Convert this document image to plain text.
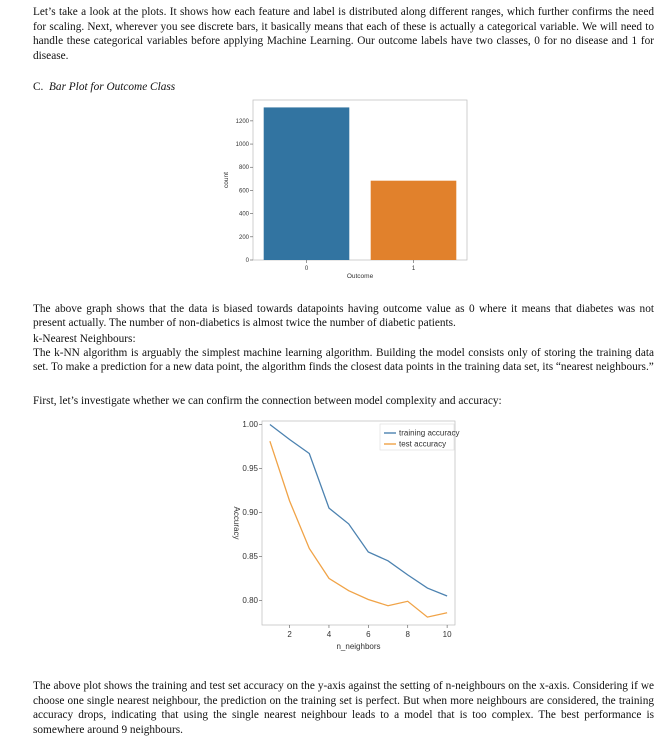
Let’s take a look at the plots. It shows how each feature and label is distributed along different ranges, which further confirms the need for scaling. Next, wherever you see discrete bars, it basically means that each of these is actually a categorical variable. We will need to handle these categorical variables before applying Machine Learning. Our outcome labels have two classes, 0 for no disease and 1 for disease.

C. Bar Plot for Outcome Class
0
200
400
600
800
1000
1200
0	1
Outcome
count

The above graph shows that the data is biased towards datapoints having outcome value as 0 where it means that diabetes was not present actually. The number of non-diabetics is almost twice the number of diabetic patients.

k-Nearest Neighbours:

The k-NN algorithm is arguably the simplest machine learning algorithm. Building the model consists only of storing the training data set. To make a prediction for a new data point, the algorithm finds the closest data points in the training data set, its “nearest neighbours.”

First, let’s investigate whether we can confirm the connection between model complexity and accuracy:

0.80
0.85
0.90
0.95
1.00
2	4	6	8	10
n_neighbors
Accuracy
training accuracy
test accuracy

The above plot shows the training and test set accuracy on the y-axis against the setting of n-neighbours on the x-axis. Considering if we choose one single nearest neighbour, the prediction on the training set is perfect. But when more neighbours are considered, the training accuracy drops, indicating that using the single nearest neighbour leads to a model that is too complex. The best performance is somewhere around 9 neighbours.
